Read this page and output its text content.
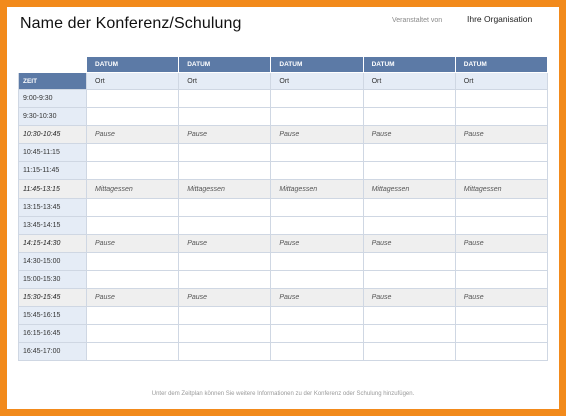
Name der Konferenz/Schulung	Veranstaltet von	Ihre Organisation
	DATUM	DATUM	DATUM	DATUM	DATUM
ZEIT	Ort	Ort	Ort	Ort	Ort
9:00-9:30					
9:30-10:30					
10:30-10:45	Pause	Pause	Pause	Pause	Pause
10:45-11:15					
11:15-11:45					
11:45-13:15	Mittagessen	Mittagessen	Mittagessen	Mittagessen	Mittagessen
13:15-13:45					
13:45-14:15					
14:15-14:30	Pause	Pause	Pause	Pause	Pause
14:30-15:00					
15:00-15:30					
15:30-15:45	Pause	Pause	Pause	Pause	Pause
15:45-16:15					
16:15-16:45					
16:45-17:00					
Unter dem Zeitplan können Sie weitere Informationen zu der Konferenz oder Schulung hinzufügen.
